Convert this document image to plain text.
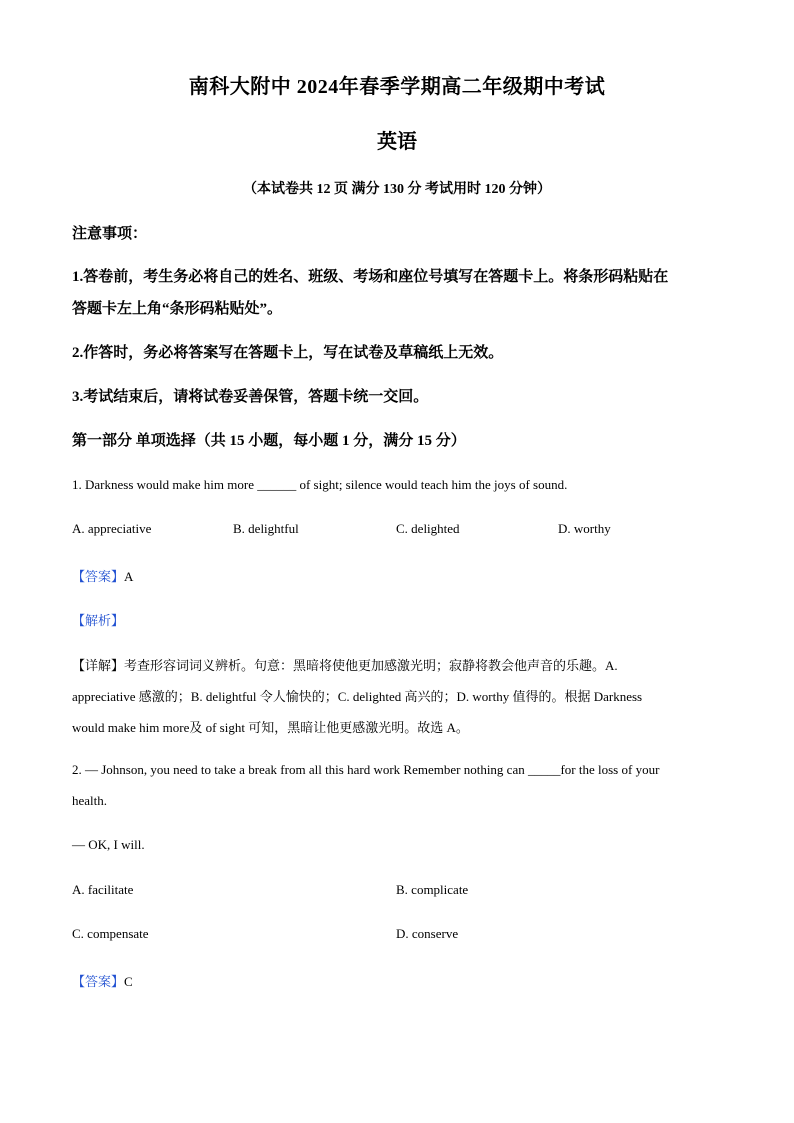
南科大附中 2024年春季学期高二年级期中考试
英语
（本试卷共 12 页 满分 130 分 考试用时 120 分钟）
注意事项：
1.答卷前，考生务必将自己的姓名、班级、考场和座位号填写在答题卡上。将条形码粘贴在
答题卡左上角“条形码粘贴处”。
2.作答时，务必将答案写在答题卡上，写在试卷及草稿纸上无效。
3.考试结束后，请将试卷妥善保管，答题卡统一交回。
第一部分 单项选择（共 15 小题，每小题 1 分，满分 15 分）
1. Darkness would make him more ______ of sight; silence would teach him the joys of sound.
A. appreciative	B. delightful	C. delighted	D. worthy
【答案】A
【解析】
【详解】考查形容词词义辨析。句意：黑暗将使他更加感激光明；寂静将教会他声音的乐趣。A.
appreciative 感激的；B. delightful 令人愉快的；C. delighted 高兴的；D. worthy 值得的。根据 Darkness
would make him more及 of sight 可知，黑暗让他更感激光明。故选 A。
2. — Johnson, you need to take a break from all this hard work Remember nothing can _____for the loss of your
health.
— OK, I will.
A. facilitate	B. complicate
C. compensate	D. conserve
【答案】C
